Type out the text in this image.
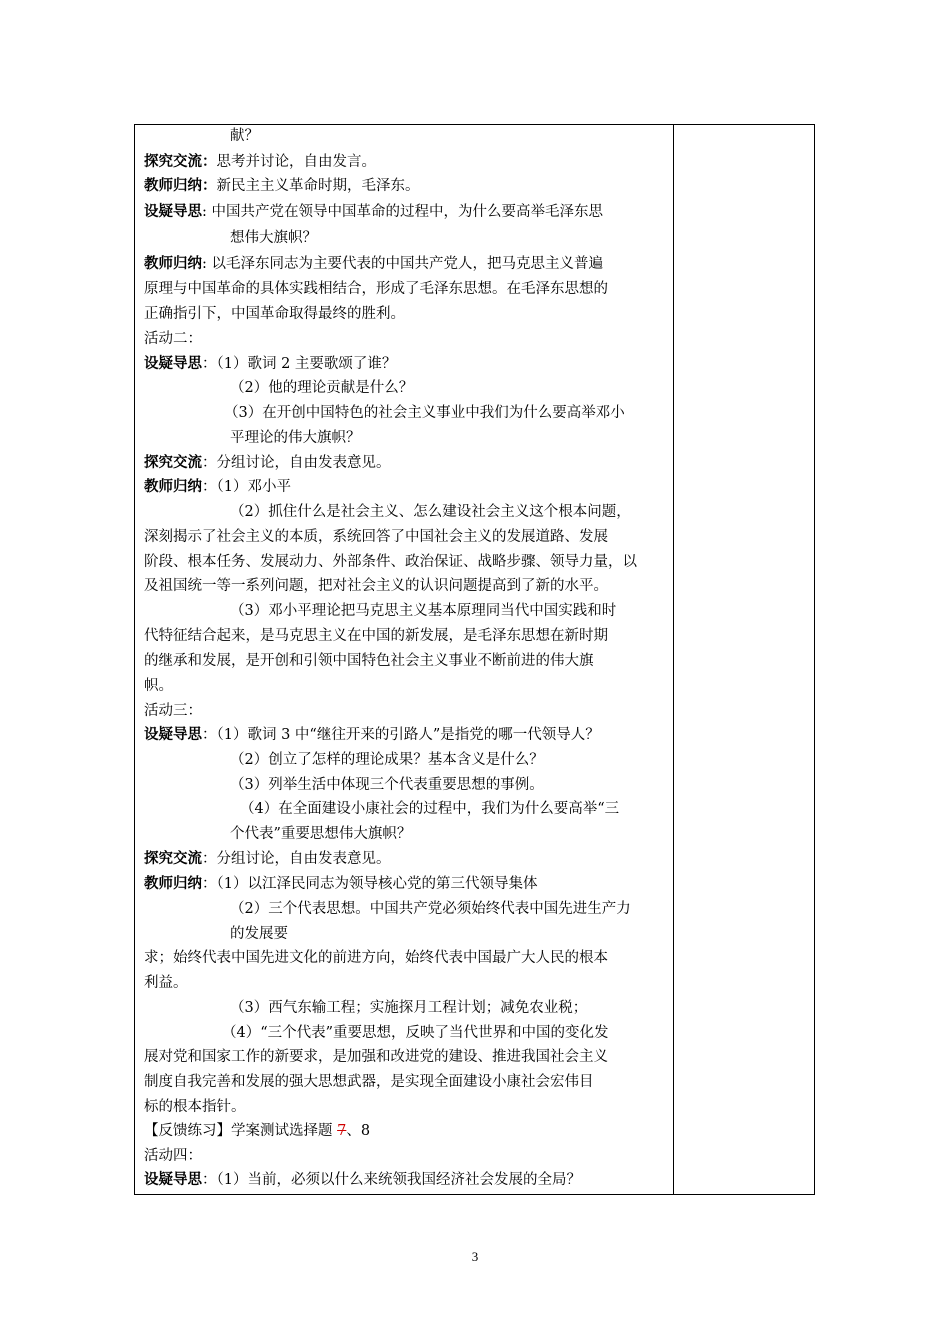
献？
探究交流：思考并讨论，自由发言。
教师归纳：新民主主义革命时期，毛泽东。
设疑导思: 中国共产党在领导中国革命的过程中，为什么要高举毛泽东思
想伟大旗帜？
教师归纳: 以毛泽东同志为主要代表的中国共产党人，把马克思主义普遍
原理与中国革命的具体实践相结合，形成了毛泽东思想。在毛泽东思想的
正确指引下，中国革命取得最终的胜利。
活动二：
设疑导思：（1）歌词 2 主要歌颂了谁？
（2）他的理论贡献是什么？
（3）在开创中国特色的社会主义事业中我们为什么要高举邓小
平理论的伟大旗帜？
探究交流：分组讨论，自由发表意见。
教师归纳：（1）邓小平
（2）抓住什么是社会主义、怎么建设社会主义这个根本问题，
深刻揭示了社会主义的本质，系统回答了中国社会主义的发展道路、发展
阶段、根本任务、发展动力、外部条件、政治保证、战略步骤、领导力量，以
及祖国统一等一系列问题，把对社会主义的认识问题提高到了新的水平。
（3）邓小平理论把马克思主义基本原理同当代中国实践和时
代特征结合起来，是马克思主义在中国的新发展，是毛泽东思想在新时期
的继承和发展，是开创和引领中国特色社会主义事业不断前进的伟大旗
帜。
活动三：
设疑导思：（1）歌词 3 中“继往开来的引路人”是指党的哪一代领导人？
（2）创立了怎样的理论成果？基本含义是什么？
（3）列举生活中体现三个代表重要思想的事例。
（4）在全面建设小康社会的过程中，我们为什么要高举“三
个代表”重要思想伟大旗帜？
探究交流：分组讨论，自由发表意见。
教师归纳：（1）以江泽民同志为领导核心党的第三代领导集体
（2）三个代表思想。中国共产党必须始终代表中国先进生产力
的发展要
求；始终代表中国先进文化的前进方向，始终代表中国最广大人民的根本
利益。
（3）西气东输工程；实施探月工程计划；减免农业税；
（4）“三个代表”重要思想，反映了当代世界和中国的变化发
展对党和国家工作的新要求，是加强和改进党的建设、推进我国社会主义
制度自我完善和发展的强大思想武器，是实现全面建设小康社会宏伟目
标的根本指针。
【反馈练习】学案测试选择题 7、8
活动四：
设疑导思：（1）当前，必须以什么来统领我国经济社会发展的全局？
3
